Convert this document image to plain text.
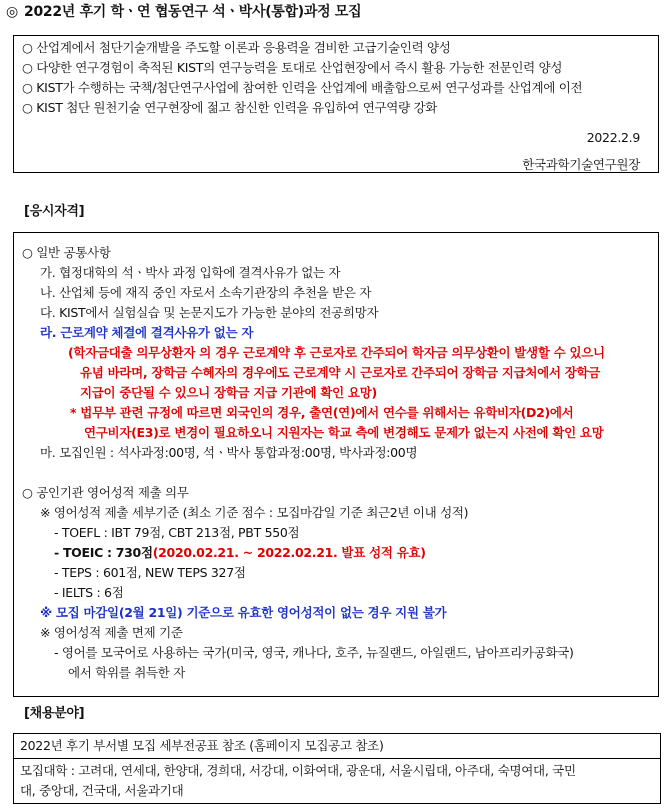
◎ 2022년 후기 학ㆍ연 협동연구 석ㆍ박사(통합)과정 모집
○ 산업계에서 첨단기술개발을 주도할 이론과 응용력을 겸비한 고급기술인력 양성
○ 다양한 연구경험이 축적된 KIST의 연구능력을 토대로 산업현장에서 즉시 활용 가능한 전문인력 양성
○ KIST가 수행하는 국책/첨단연구사업에 참여한 인력을 산업계에 배출함으로써 연구성과를 산업계에 이전
○ KIST 첨단 원천기술 연구현장에 젊고 참신한 인력을 유입하여 연구역량 강화
2022.2.9
한국과학기술연구원장
[응시자격]
○ 일반 공통사항
가. 협정대학의 석ㆍ박사 과정 입학에 결격사유가 없는 자
나. 산업체 등에 재직 중인 자로서 소속기관장의 추천을 받은 자
다. KIST에서 실험실습 및 논문지도가 가능한 분야의 전공희망자
라. 근로계약 체결에 결격사유가 없는 자
(학자금대출 의무상환자 의 경우 근로계약 후 근로자로 간주되어 학자금 의무상환이 발생할 수 있으니
유념 바라며, 장학금 수혜자의 경우에도 근로계약 시 근로자로 간주되어 장학금 지급처에서 장학금
지급이 중단될 수 있으니 장학금 지급 기관에 확인 요망)
* 법무부 관련 규정에 따르면 외국인의 경우, 출연(연)에서 연수를 위해서는 유학비자(D2)에서
연구비자(E3)로 변경이 필요하오니 지원자는 학교 측에 변경해도 문제가 없는지 사전에 확인 요망
마. 모집인원 : 석사과정:00명, 석ㆍ박사 통합과정:00명, 박사과정:00명
○ 공인기관 영어성적 제출 의무
※ 영어성적 제출 세부기준 (최소 기준 점수 : 모집마감일 기준 최근2년 이내 성적)
- TOEFL : IBT 79점, CBT 213점, PBT 550점
- TOEIC : 730점(2020.02.21. ~ 2022.02.21. 발표 성적 유효)
- TEPS : 601점, NEW TEPS 327점
- IELTS : 6점
※ 모집 마감일(2월 21일) 기준으로 유효한 영어성적이 없는 경우 지원 불가
※ 영어성적 제출 면제 기준
- 영어를 모국어로 사용하는 국가(미국, 영국, 캐나다, 호주, 뉴질랜드, 아일랜드, 남아프리카공화국)
에서 학위를 취득한 자
[채용분야]
2022년 후기 부서별 모집 세부전공표 참조 (홈페이지 모집공고 참조)

모집대학 : 고려대, 연세대, 한양대, 경희대, 서강대, 이화여대, 광운대, 서울시립대, 아주대, 숙명여대, 국민
대, 중앙대, 건국대, 서울과기대
